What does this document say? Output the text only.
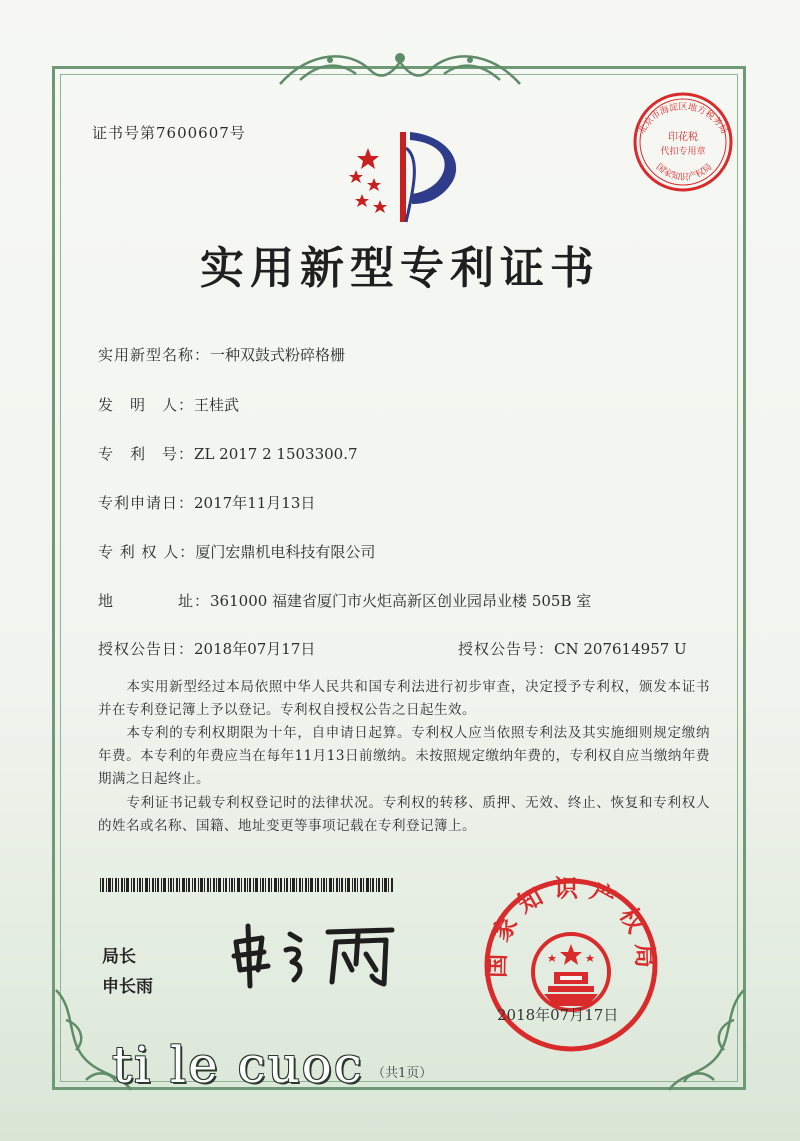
证书号第7600607号
实用新型专利证书
实用新型名称：一种双鼓式粉碎格栅
发　明　人：王桂武
专　利　号：ZL 2017 2 1503300.7
专利申请日：2017年11月13日
专 利 权 人：厦门宏鼎机电科技有限公司
地　　　　址：361000 福建省厦门市火炬高新区创业园昂业楼 505B 室
授权公告日：2018年07月17日	授权公告号：CN 207614957 U
　　本实用新型经过本局依照中华人民共和国专利法进行初步审查，决定授予专利权，颁发本证书并在专利登记簿上予以登记。专利权自授权公告之日起生效。
　　本专利的专利权期限为十年，自申请日起算。专利权人应当依照专利法及其实施细则规定缴纳年费。本专利的年费应当在每年11月13日前缴纳。未按照规定缴纳年费的，专利权自应当缴纳年费期满之日起终止。
　　专利证书记载专利权登记时的法律状况。专利权的转移、质押、无效、终止、恢复和专利权人的姓名或名称、国籍、地址变更等事项记载在专利登记簿上。
局长
申长雨
北京市海淀区地方税务局
印花税
代扣专用章
国家知识产权局
国家知识产权局
2018年07月17日
（共1页）
ti le cuoc
